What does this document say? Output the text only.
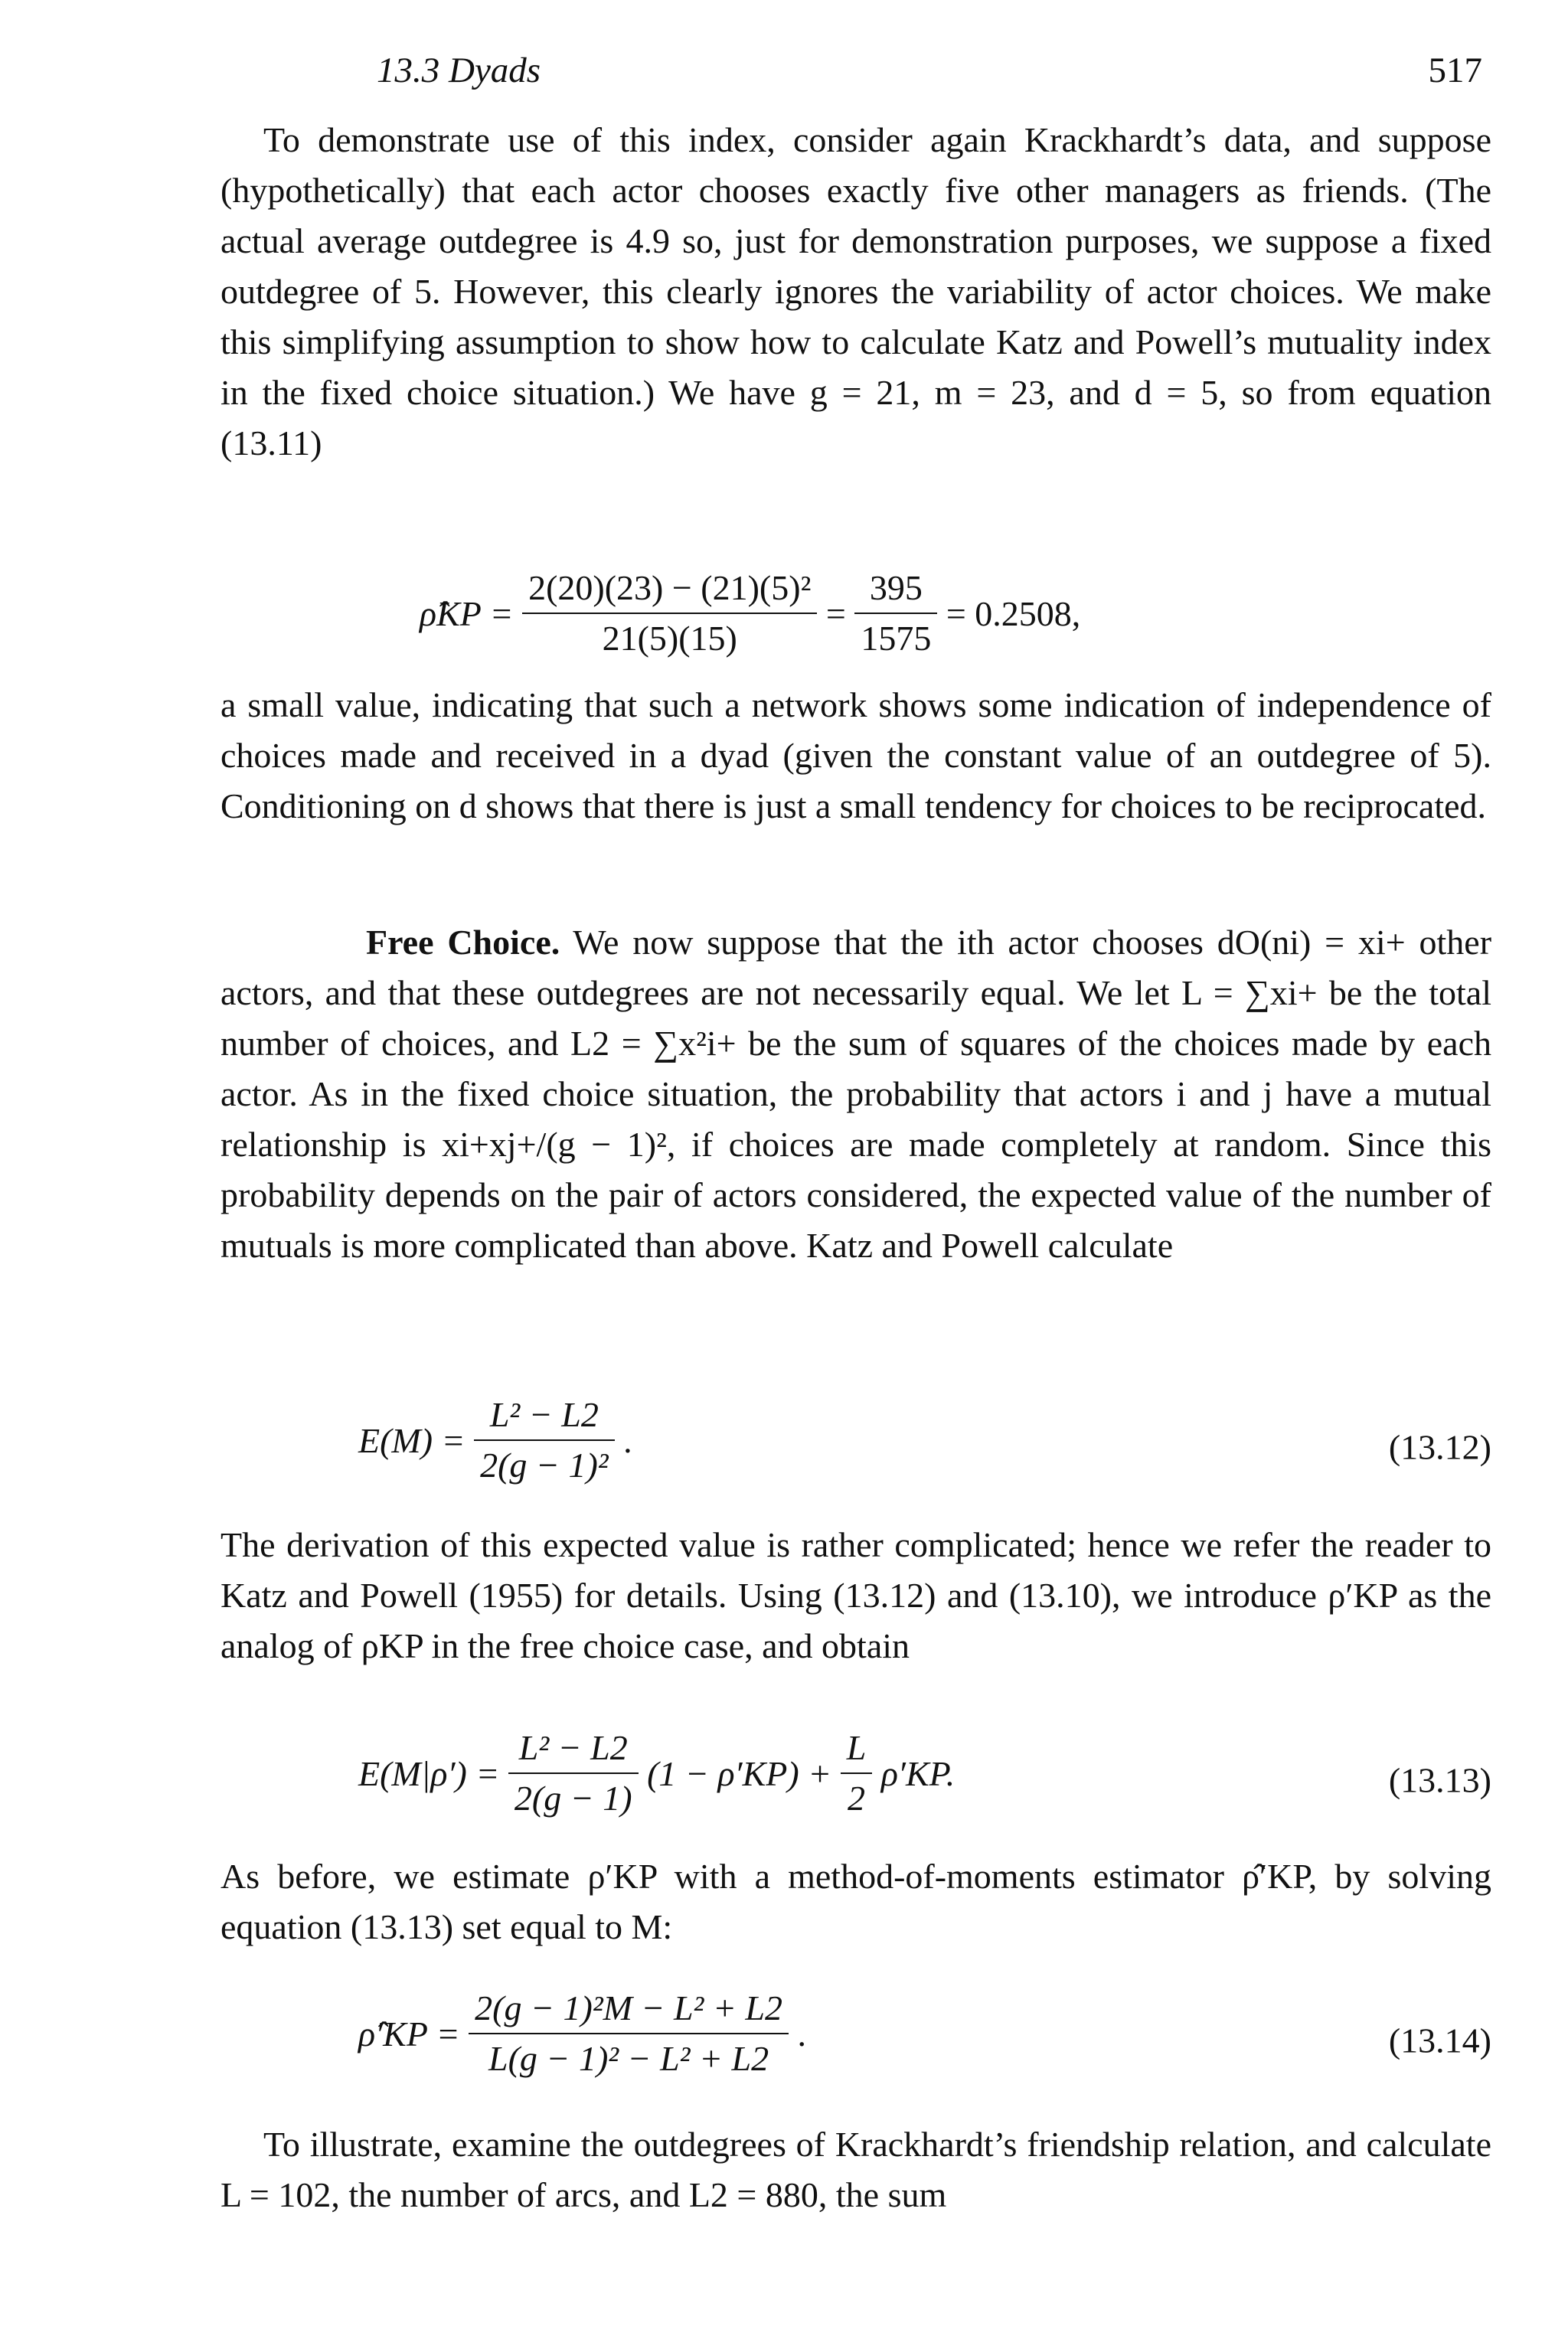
13.3 Dyads	517

To demonstrate use of this index, consider again Krackhardt’s data, and suppose (hypothetically) that each actor chooses exactly five other managers as friends. (The actual average outdegree is 4.9 so, just for demonstration purposes, we suppose a fixed outdegree of 5. However, this clearly ignores the variability of actor choices. We make this simplifying assumption to show how to calculate Katz and Powell’s mutuality index in the fixed choice situation.) We have g = 21, m = 23, and d = 5, so from equation (13.11)

ρ̂KP = $\frac{\text{2(20)(23) − (21)(5)²}}{21(5)(15)} = \frac{395}{1575} = 0.2508$,

a small value, indicating that such a network shows some indication of independence of choices made and received in a dyad (given the constant value of an outdegree of 5). Conditioning on d shows that there is just a small tendency for choices to be reciprocated.

Free Choice. We now suppose that the ith actor chooses dO(ni) = xi+ other actors, and that these outdegrees are not necessarily equal. We let L = ∑xi+ be the total number of choices, and L2 = ∑x²i+ be the sum of squares of the choices made by each actor. As in the fixed choice situation, the probability that actors i and j have a mutual relationship is xi+xj+/(g − 1)², if choices are made completely at random. Since this probability depends on the pair of actors considered, the expected value of the number of mutuals is more complicated than above. Katz and Powell calculate

$E(M) = \frac{\text{L² − L2}}{\text{2(g − 1)²}}$ .	(13.12)

The derivation of this expected value is rather complicated; hence we refer the reader to Katz and Powell (1955) for details. Using (13.12) and (13.10), we introduce ρ′KP as the analog of ρKP in the free choice case, and obtain

$E(M|\rho') = \frac{\text{L² − L2}}{2(g - 1)} (1 - \rho'KP) + \frac{L}{2} \rho'KP$.	(13.13)

As before, we estimate ρ′KP with a method-of-moments estimator ρ̂′KP, by solving equation (13.13) set equal to M:

ρ̂′KP = $\frac{\text{2(g − 1)²M − L² + L2}}{\text{L(g − 1)² − L² + L2}}$ .	(13.14)

To illustrate, examine the outdegrees of Krackhardt’s friendship relation, and calculate L = 102, the number of arcs, and L2 = 880, the sum
